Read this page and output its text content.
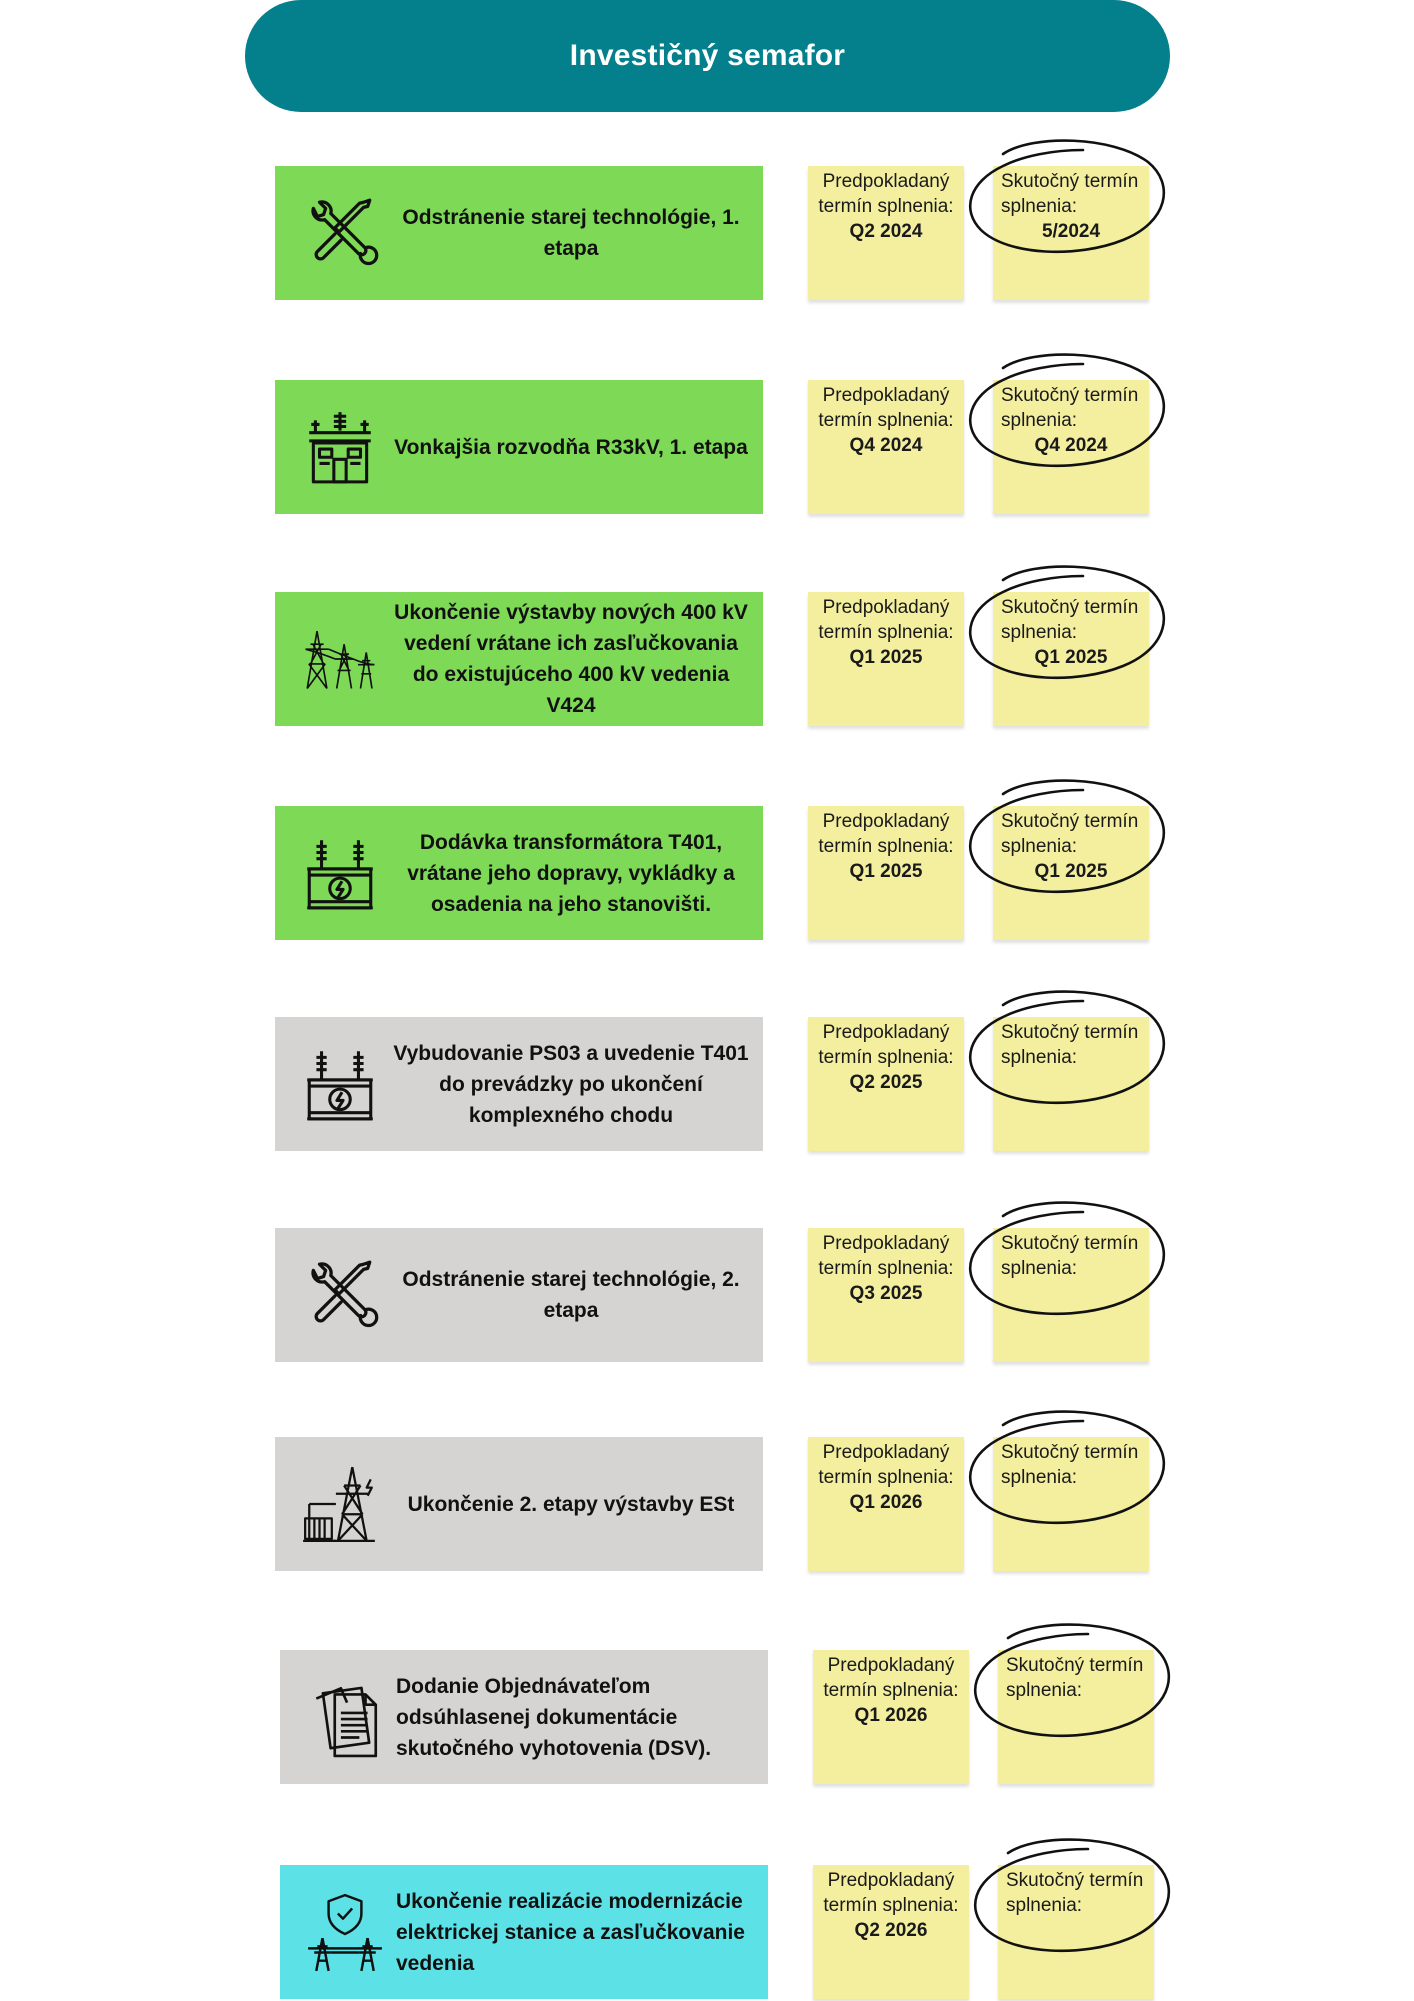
Investičný semafor
Odstránenie starej technológie, 1. etapa
Predpokladaný
termín splnenia:
Q2 2024
Skutočný termín
splnenia:
5/2024
Vonkajšia rozvodňa R33kV, 1. etapa
Predpokladaný
termín splnenia:
Q4 2024
Skutočný termín
splnenia:
Q4 2024
Ukončenie výstavby nových 400 kV vedení vrátane ich zasľučkovania do existujúceho 400 kV vedenia V424
Predpokladaný
termín splnenia:
Q1 2025
Skutočný termín
splnenia:
Q1 2025
Dodávka transformátora T401, vrátane jeho dopravy, vykládky a osadenia na jeho stanovišti.
Predpokladaný
termín splnenia:
Q1 2025
Skutočný termín
splnenia:
Q1 2025
Vybudovanie PS03 a uvedenie T401 do prevádzky po ukončení komplexného chodu
Predpokladaný
termín splnenia:
Q2 2025
Skutočný termín
splnenia:
Odstránenie starej technológie, 2. etapa
Predpokladaný
termín splnenia:
Q3 2025
Skutočný termín
splnenia:
Ukončenie 2. etapy výstavby ESt
Predpokladaný
termín splnenia:
Q1 2026
Skutočný termín
splnenia:
Dodanie Objednávateľom odsúhlasenej dokumentácie skutočného vyhotovenia (DSV).
Predpokladaný
termín splnenia:
Q1 2026
Skutočný termín
splnenia:
Ukončenie realizácie modernizácie elektrickej stanice a zasľučkovanie vedenia
Predpokladaný
termín splnenia:
Q2 2026
Skutočný termín
splnenia:
